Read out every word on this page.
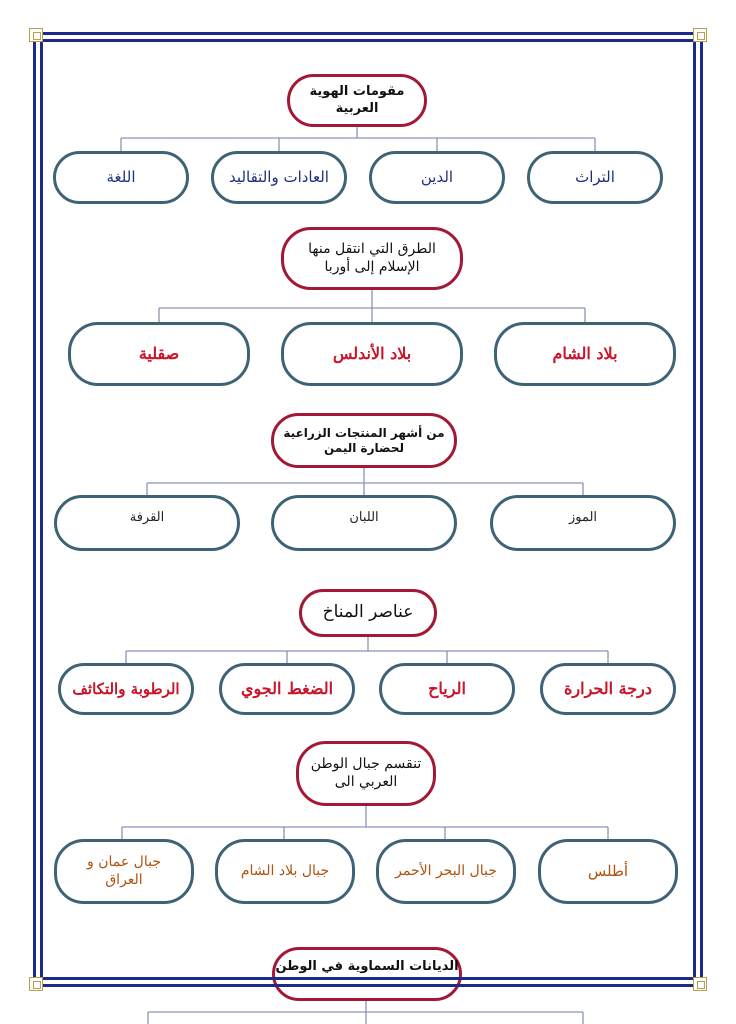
الديانات السماوية في الوطن
مقومات الهوية العربية
التراث
الدين
العادات والتقاليد
اللغة
الطرق التي انتقل منها
الإسلام إلى أوربا
بلاد الشام
بلاد الأندلس
صقلية
من أشهر المنتجات الزراعية
لحضارة اليمن
الموز
اللبان
القرفة
عناصر المناخ
درجة الحرارة
الرياح
الضغط الجوي
الرطوبة والتكاثف
تنقسم جبال الوطن
العربي الى
أطلس
جبال البحر الأحمر
جبال بلاد الشام
جبال عمان و
العراق
